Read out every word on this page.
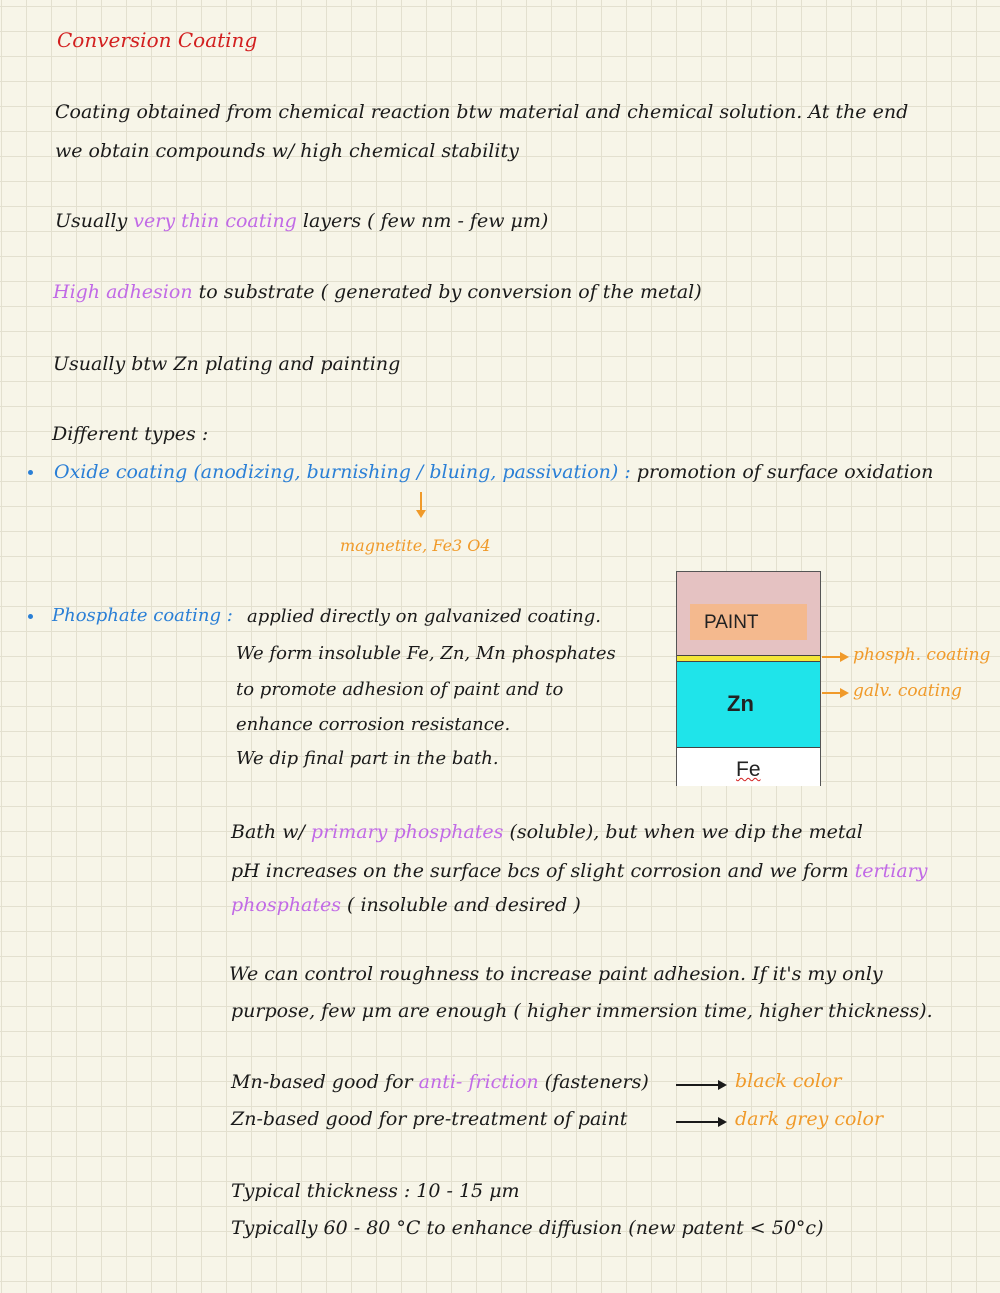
Conversion Coating
Coating obtained from chemical reaction btw material and chemical solution. At the end
we obtain compounds w/ high chemical stability
Usually very thin coating layers ( few nm - few μm)
High adhesion to substrate ( generated by conversion of the metal)
Usually btw Zn plating and painting
Different types :
Oxide coating (anodizing, burnishing / bluing, passivation) : promotion of surface oxidation
magnetite, Fe3 O4
Phosphate coating : applied directly on galvanized coating.
We form insoluble Fe, Zn, Mn phosphates
to promote adhesion of paint and to
enhance corrosion resistance.
We dip final part in the bath.
PAINT
Zn
Fe
phosph. coating
galv. coating
Bath w/ primary phosphates (soluble), but when we dip the metal
pH increases on the surface bcs of slight corrosion and we form tertiary
phosphates ( insoluble and desired )
We can control roughness to increase paint adhesion. If it's my only
purpose, few μm are enough ( higher immersion time, higher thickness).
Mn-based good for anti- friction (fasteners)	black color
Zn-based good for pre-treatment of paint	dark grey color
Typical thickness : 10 - 15 μm
Typically 60 - 80 °C to enhance diffusion (new patent < 50°c)
